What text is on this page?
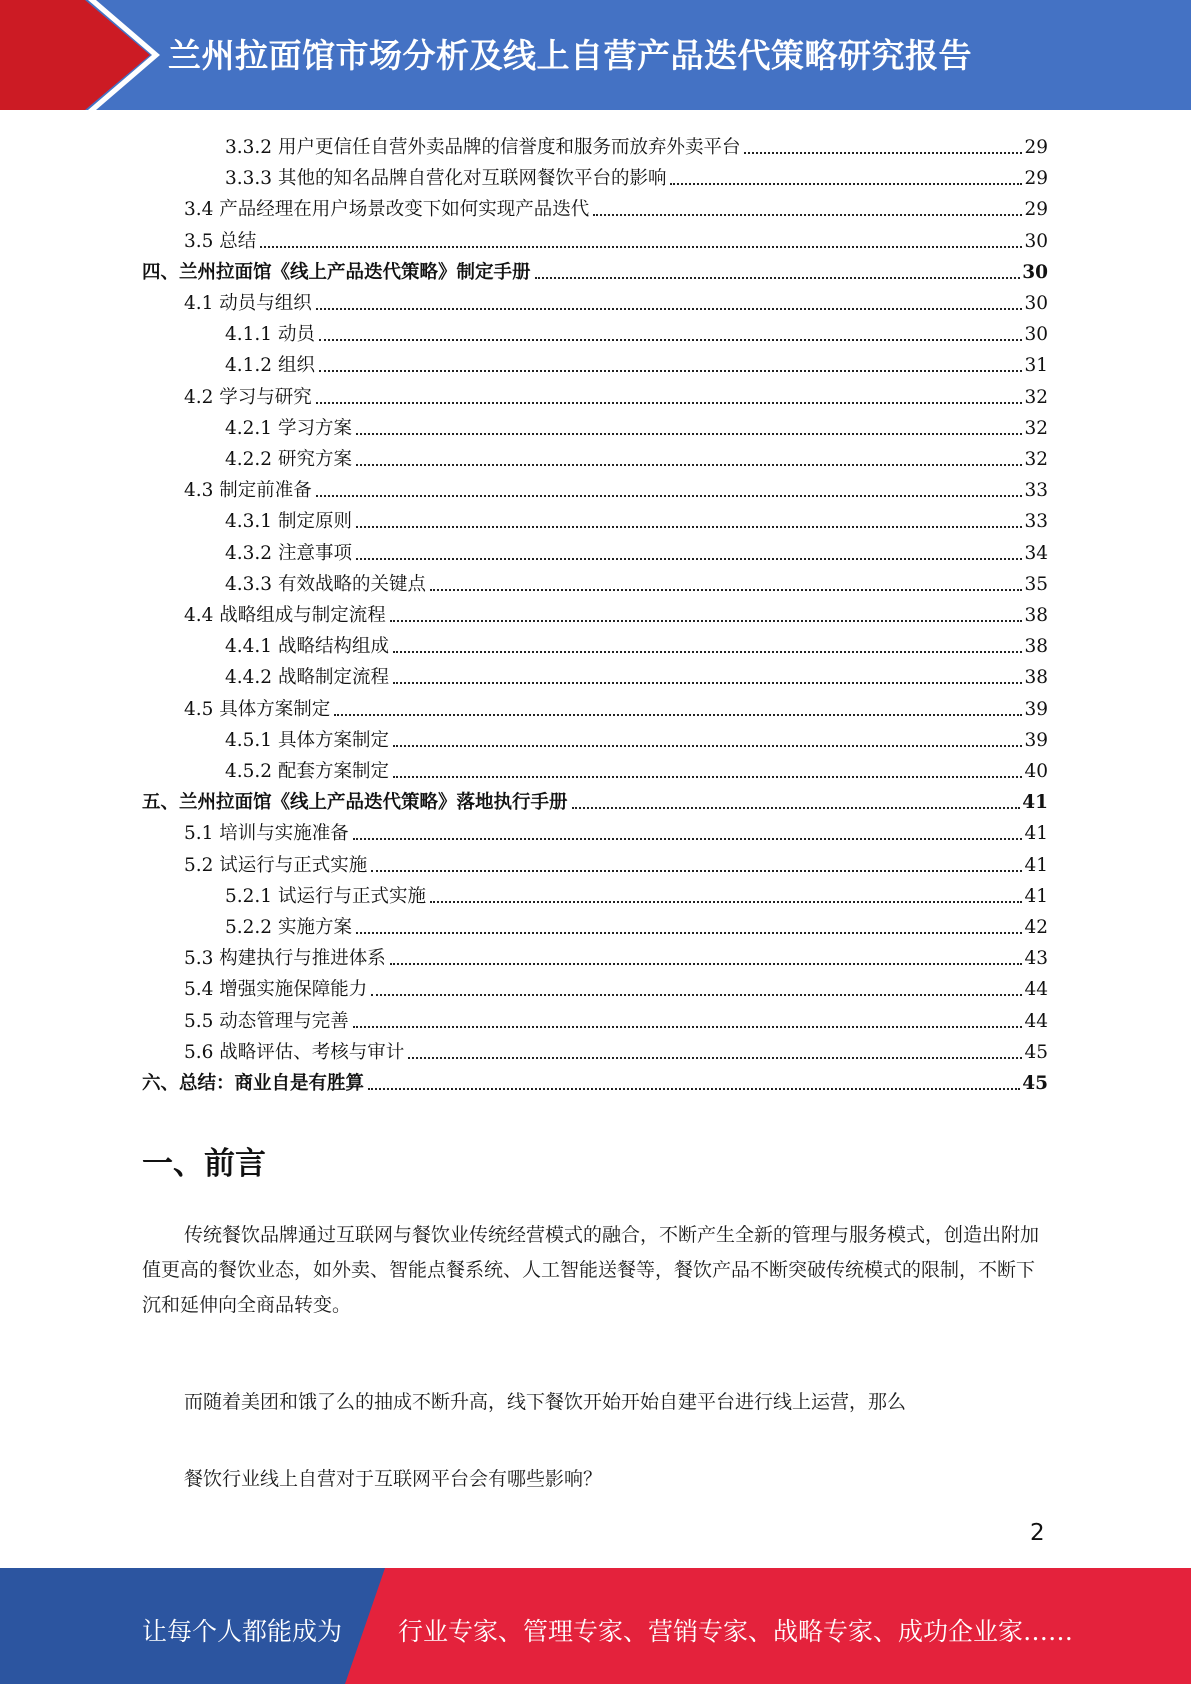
兰州拉面馆市场分析及线上自营产品迭代策略研究报告
3.3.2 用户更信任自营外卖品牌的信誉度和服务而放弃外卖平台	29
3.3.3 其他的知名品牌自营化对互联网餐饮平台的影响	29
3.4 产品经理在用户场景改变下如何实现产品迭代	29
3.5 总结	30
四、兰州拉面馆《线上产品迭代策略》制定手册	30
4.1 动员与组织	30
4.1.1 动员	30
4.1.2 组织	31
4.2 学习与研究	32
4.2.1 学习方案	32
4.2.2 研究方案	32
4.3 制定前准备	33
4.3.1 制定原则	33
4.3.2 注意事项	34
4.3.3 有效战略的关键点	35
4.4 战略组成与制定流程	38
4.4.1 战略结构组成	38
4.4.2 战略制定流程	38
4.5 具体方案制定	39
4.5.1 具体方案制定	39
4.5.2 配套方案制定	40
五、兰州拉面馆《线上产品迭代策略》落地执行手册	41
5.1 培训与实施准备	41
5.2 试运行与正式实施	41
5.2.1 试运行与正式实施	41
5.2.2 实施方案	42
5.3 构建执行与推进体系	43
5.4 增强实施保障能力	44
5.5 动态管理与完善	44
5.6 战略评估、考核与审计	45
六、总结：商业自是有胜算	45
一、前言

传统餐饮品牌通过互联网与餐饮业传统经营模式的融合，不断产生全新的管理与服务模式，创造出附加值更高的餐饮业态，如外卖、智能点餐系统、人工智能送餐等，餐饮产品不断突破传统模式的限制，不断下沉和延伸向全商品转变。

而随着美团和饿了么的抽成不断升高，线下餐饮开始开始自建平台进行线上运营，那么

餐饮行业线上自营对于互联网平台会有哪些影响？

2
让每个人都能成为 行业专家、管理专家、营销专家、战略专家、成功企业家……
